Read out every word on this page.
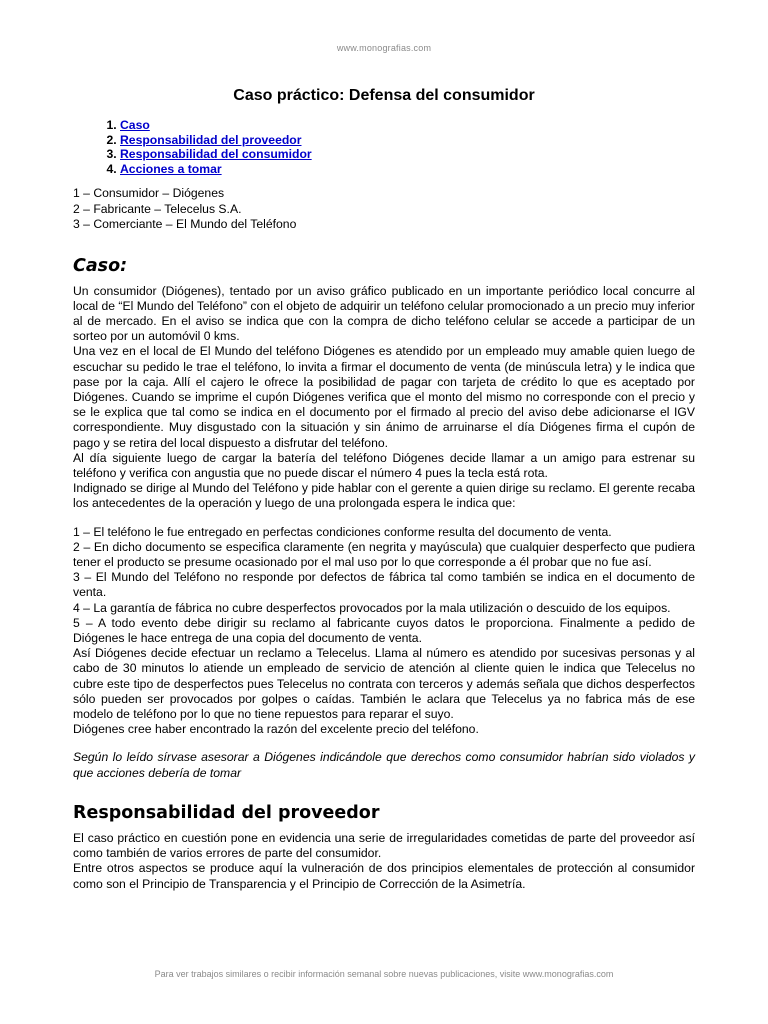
www.monografias.com
Caso práctico: Defensa del consumidor
1. Caso
2. Responsabilidad del proveedor
3. Responsabilidad del consumidor
4. Acciones a tomar
1 – Consumidor – Diógenes
2 – Fabricante – Telecelus S.A.
3 – Comerciante – El Mundo del Teléfono
Caso:

Un consumidor (Diógenes), tentado por un aviso gráfico publicado en un importante periódico local concurre al local de “El Mundo del Teléfono” con el objeto de adquirir un teléfono celular promocionado a un precio muy inferior al de mercado. En el aviso se indica que con la compra de dicho teléfono celular se accede a participar de un sorteo por un automóvil 0 kms.

Una vez en el local de El Mundo del teléfono Diógenes es atendido por un empleado muy amable quien luego de escuchar su pedido le trae el teléfono, lo invita a firmar el documento de venta (de minúscula letra) y le indica que pase por la caja. Allí el cajero le ofrece la posibilidad de pagar con tarjeta de crédito lo que es aceptado por Diógenes. Cuando se imprime el cupón Diógenes verifica que el monto del mismo no corresponde con el precio y se le explica que tal como se indica en el documento por el firmado al precio del aviso debe adicionarse el IGV correspondiente. Muy disgustado con la situación y sin ánimo de arruinarse el día Diógenes firma el cupón de pago y se retira del local dispuesto a disfrutar del teléfono.

Al día siguiente luego de cargar la batería del teléfono Diógenes decide llamar a un amigo para estrenar su teléfono y verifica con angustia que no puede discar el número 4 pues la tecla está rota.

Indignado se dirige al Mundo del Teléfono y pide hablar con el gerente a quien dirige su reclamo. El gerente recaba los antecedentes de la operación y luego de una prolongada espera le indica que:

1 – El teléfono le fue entregado en perfectas condiciones conforme resulta del documento de venta.

2 – En dicho documento se especifica claramente (en negrita y mayúscula) que cualquier desperfecto que pudiera tener el producto se presume ocasionado por el mal uso por lo que corresponde a él probar que no fue así.

3 – El Mundo del Teléfono no responde por defectos de fábrica tal como también se indica en el documento de venta.

4 – La garantía de fábrica no cubre desperfectos provocados por la mala utilización o descuido de los equipos.

5 – A todo evento debe dirigir su reclamo al fabricante cuyos datos le proporciona. Finalmente a pedido de Diógenes le hace entrega de una copia del documento de venta.

Así Diógenes decide efectuar un reclamo a Telecelus. Llama al número es atendido por sucesivas personas y al cabo de 30 minutos lo atiende un empleado de servicio de atención al cliente quien le indica que Telecelus no cubre este tipo de desperfectos pues Telecelus no contrata con terceros y además señala que dichos desperfectos sólo pueden ser provocados por golpes o caídas. También le aclara que Telecelus ya no fabrica más de ese modelo de teléfono por lo que no tiene repuestos para reparar el suyo.

Diógenes cree haber encontrado la razón del excelente precio del teléfono.

Según lo leído sírvase asesorar a Diógenes indicándole que derechos como consumidor habrían sido violados y que acciones debería de tomar

Responsabilidad del proveedor

El caso práctico en cuestión pone en evidencia una serie de irregularidades cometidas de parte del proveedor así como también de varios errores de parte del consumidor.

Entre otros aspectos se produce aquí la vulneración de dos principios elementales de protección al consumidor como son el Principio de Transparencia y el Principio de Corrección de la Asimetría.

Para ver trabajos similares o recibir información semanal sobre nuevas publicaciones, visite www.monografias.com
